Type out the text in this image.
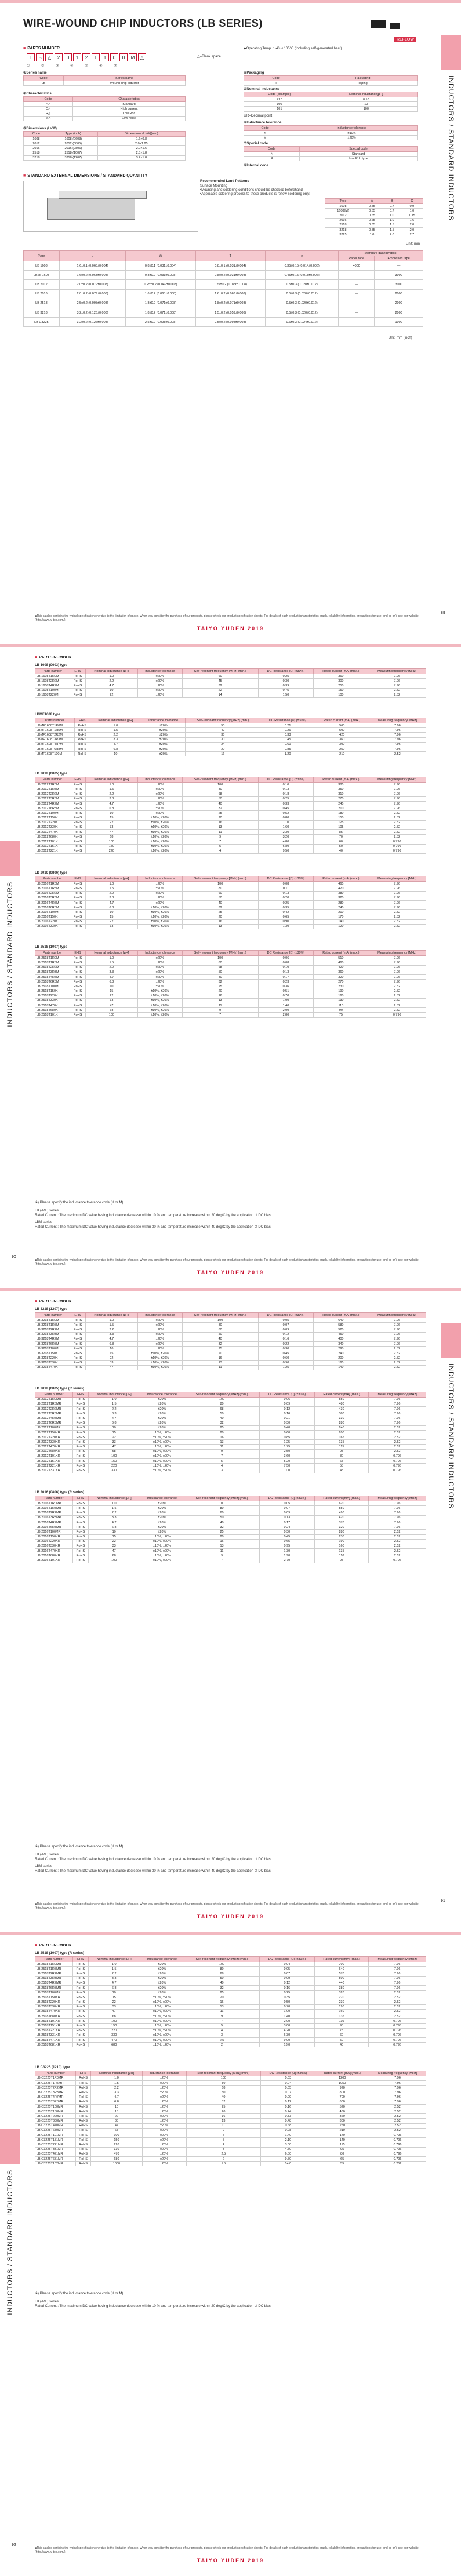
WIRE-WOUND CHIP INDUCTORS (LB SERIES)
REFLOW
INDUCTORS / STANDARD INDUCTORS
■ PARTS NUMBER	▶Operating Temp. : -40~+105℃ (Including self-generated heat)
L	B	△	2	0	1	2	T	1	0	0	M	△
① ② ③ ④ ⑤ ⑥ ⑦
△=Blank space
①Series name
Code	Series name
LB	Wound chip inductor
②Characteristics
Code	Characteristics
△△	Standard
C△	High current
R△	Low Rdc
M△	Low noise
③Dimensions (L×W)
Code	Type (inch)	Dimensions (L×W)[mm]
1608	1608 (0603)	1.6×0.8
2012	2012 (0805)	2.0×1.25
2016	2016 (0806)	2.0×1.6
2518	2518 (1007)	2.5×1.8
3218	3218 (1207)	3.2×1.8
④Packaging
Code	Packaging
T	Taping
⑤Nominal inductance
Code (example)	Nominal inductance[μH]
R10	0.10
100	10
101	100
※R=Decimal point
⑥Inductance tolerance
Code	Inductance tolerance
K	±10%
M	±20%
⑦Special code
Code	Special code
△	Standard
R	Low Rdc type
⑧Internal code
■ STANDARD EXTERNAL DIMENSIONS / STANDARD QUANTITY
Recommended Land Patterns
Surface Mounting
•Mounting and soldering conditions should be checked beforehand.
•Applicable soldering process to these products is reflow soldering only.
Type	A	B	C
1608	0.55	0.7	0.9
1608(M)	0.55	0.7	1.0
2012	0.65	1.0	1.15
2016	0.65	1.0	1.6
2518	0.65	1.5	2.0
3218	0.85	1.5	2.0
3225	1.0	2.0	2.7
Unit: mm
Type	L	W	T	e	Standard quantity [pcs]	
					Paper tape	Embossed tape
LB 1608	1.6±0.1 (0.063±0.004)	0.8±0.1 (0.031±0.004)	0.8±0.1 (0.031±0.004)	0.35±0.15 (0.014±0.006)	4000	―
LBMF1608	1.6±0.2 (0.063±0.008)	0.8±0.2 (0.031±0.008)	0.8±0.2 (0.031±0.008)	0.45±0.15 (0.018±0.006)	―	3000
LB 2012	2.0±0.2 (0.079±0.008)	1.25±0.2 (0.049±0.008)	1.25±0.2 (0.049±0.008)	0.5±0.3 (0.020±0.012)	―	3000
LB 2016	2.0±0.2 (0.079±0.008)	1.6±0.2 (0.063±0.008)	1.6±0.2 (0.063±0.008)	0.5±0.3 (0.020±0.012)	―	2000
LB 2518	2.5±0.2 (0.098±0.008)	1.8±0.2 (0.071±0.008)	1.8±0.2 (0.071±0.008)	0.5±0.3 (0.020±0.012)	―	2000
LB 3218	3.2±0.2 (0.126±0.008)	1.8±0.2 (0.071±0.008)	1.5±0.2 (0.059±0.008)	0.5±0.3 (0.020±0.012)	―	2000
LB C3225	3.2±0.2 (0.126±0.008)	2.5±0.2 (0.098±0.008)	2.5±0.2 (0.098±0.008)	0.6±0.3 (0.024±0.012)	―	1000
Unit: mm (inch)
■This catalog contains the typical specification only due to the limitation of space. When you consider the purchase of our products, please check our product specification sheets. For details of each product (characteristics graph, reliability information, precautions for use, and so on), see our website (http://www.ty-top.com/).
TAIYO YUDEN 2019
89
INDUCTORS / STANDARD INDUCTORS
■ PARTS NUMBER
LB 1608 (0603) type
Parts number	EHS	Nominal inductance [μH]	Inductance tolerance	Self-resonant frequency [MHz] (min.)	DC Resistance [Ω] (±30%)	Rated current [mA] (max.)	Measuring frequency [MHz]
LB 1608T1R0M	RoHS	1.0	±20%	60	0.25	360	7.96
LB 1608T2R2M	RoHS	2.2	±20%	45	0.30	300	7.96
LB 1608T4R7M	RoHS	4.7	±20%	32	0.39	250	7.96
LB 1608T100M	RoHS	10	±20%	22	0.75	150	2.52
LB 1608T220M	RoHS	22	±20%	14	1.50	100	2.52
LBMF1608 type
Parts number	EHS	Nominal inductance [μH]	Inductance tolerance	Self-resonant frequency [MHz] (min.)	DC Resistance [Ω] (±30%)	Rated current [mA] (max.)	Measuring frequency [MHz]
LBMF1608T1R0M	RoHS	1.0	±20%	50	0.21	560	7.96
LBMF1608T1R5M	RoHS	1.5	±20%	42	0.26	500	7.96
LBMF1608T2R2M	RoHS	2.2	±20%	35	0.33	420	7.96
LBMF1608T3R3M	RoHS	3.3	±20%	30	0.45	360	7.96
LBMF1608T4R7M	RoHS	4.7	±20%	24	0.60	300	7.96
LBMF1608T6R8M	RoHS	6.8	±20%	20	0.85	250	7.96
LBMF1608T100M	RoHS	10	±20%	16	1.20	210	2.52
LB 2012 (0805) type
Parts number	EHS	Nominal inductance [μH]	Inductance tolerance	Self-resonant frequency [MHz] (min.)	DC Resistance [Ω] (±30%)	Rated current [mA] (max.)	Measuring frequency [MHz]
LB 2012T1R0M	RoHS	1.0	±20%	100	0.10	385	7.96
LB 2012T1R5M	RoHS	1.5	±20%	80	0.13	350	7.96
LB 2012T2R2M	RoHS	2.2	±20%	68	0.18	310	7.96
LB 2012T3R3M	RoHS	3.3	±20%	50	0.25	270	7.96
LB 2012T4R7M	RoHS	4.7	±20%	40	0.33	245	7.96
LB 2012T6R8M	RoHS	6.8	±20%	32	0.45	210	7.96
LB 2012T100M	RoHS	10	±20%	25	0.52	180	2.52
LB 2012T150K	RoHS	15	±10%, ±20%	20	0.80	150	2.52
LB 2012T220K	RoHS	22	±10%, ±20%	16	1.10	125	2.52
LB 2012T330K	RoHS	33	±10%, ±20%	13	1.60	105	2.52
LB 2012T470K	RoHS	47	±10%, ±20%	11	2.30	85	2.52
LB 2012T680K	RoHS	68	±10%, ±20%	9	3.20	70	2.52
LB 2012T101K	RoHS	100	±10%, ±20%	7	4.80	60	0.796
LB 2012T151K	RoHS	150	±10%, ±20%	5	6.80	50	0.796
LB 2012T221K	RoHS	220	±10%, ±20%	4	9.50	40	0.796
LB 2016 (0806) type
Parts number	EHS	Nominal inductance [μH]	Inductance tolerance	Self-resonant frequency [MHz] (min.)	DC Resistance [Ω] (±30%)	Rated current [mA] (max.)	Measuring frequency [MHz]
LB 2016T1R0M	RoHS	1.0	±20%	100	0.08	465	7.96
LB 2016T1R5M	RoHS	1.5	±20%	80	0.11	420	7.96
LB 2016T2R2M	RoHS	2.2	±20%	60	0.13	380	7.96
LB 2016T3R3M	RoHS	3.3	±20%	50	0.20	320	7.96
LB 2016T4R7M	RoHS	4.7	±20%	40	0.25	280	7.96
LB 2016T6R8M	RoHS	6.8	±10%, ±20%	32	0.35	240	7.96
LB 2016T100M	RoHS	10	±10%, ±20%	25	0.42	210	2.52
LB 2016T150K	RoHS	15	±10%, ±20%	20	0.65	170	2.52
LB 2016T220K	RoHS	22	±10%, ±20%	16	0.90	140	2.52
LB 2016T330K	RoHS	33	±10%, ±20%	13	1.30	120	2.52
LB 2518 (1007) type
Parts number	EHS	Nominal inductance [μH]	Inductance tolerance	Self-resonant frequency [MHz] (min.)	DC Resistance [Ω] (±30%)	Rated current [mA] (max.)	Measuring frequency [MHz]
LB 2518T1R0M	RoHS	1.0	±20%	100	0.06	510	7.96
LB 2518T1R5M	RoHS	1.5	±20%	80	0.08	460	7.96
LB 2518T2R2M	RoHS	2.2	±20%	68	0.10	420	7.96
LB 2518T3R3M	RoHS	3.3	±20%	50	0.13	360	7.96
LB 2518T4R7M	RoHS	4.7	±20%	40	0.17	320	7.96
LB 2518T6R8M	RoHS	6.8	±20%	32	0.23	270	7.96
LB 2518T100M	RoHS	10	±20%	25	0.36	230	2.52
LB 2518T150K	RoHS	15	±10%, ±20%	20	0.51	190	2.52
LB 2518T220K	RoHS	22	±10%, ±20%	16	0.70	160	2.52
LB 2518T330K	RoHS	33	±10%, ±20%	13	1.00	130	2.52
LB 2518T470K	RoHS	47	±10%, ±20%	11	1.40	110	2.52
LB 2518T680K	RoHS	68	±10%, ±20%	9	2.00	90	2.52
LB 2518T101K	RoHS	100	±10%, ±20%	7	2.80	75	0.796
※) Please specify the inductance tolerance code (K or M).
LB (-RE) series
Rated Current : The maximum DC value having inductance decrease within 10 % and temperature increase within 20 deg/C by the application of DC bias.
LBM series
Rated Current : The maximum DC value having inductance decrease within 30 % and temperature increase within 40 deg/C by the application of DC bias.
■This catalog contains the typical specification only due to the limitation of space. When you consider the purchase of our products, please check our product specification sheets. For details of each product (characteristics graph, reliability information, precautions for use, and so on), see our website (http://www.ty-top.com/).
TAIYO YUDEN 2019
90
INDUCTORS / STANDARD INDUCTORS
■ PARTS NUMBER
LB 3218 (1207) type
Parts number	EHS	Nominal inductance [μH]	Inductance tolerance	Self-resonant frequency [MHz] (min.)	DC Resistance [Ω] (±30%)	Rated current [mA] (max.)	Measuring frequency [MHz]
LB 3218T1R0M	RoHS	1.0	±20%	100	0.05	640	7.96
LB 3218T1R5M	RoHS	1.5	±20%	80	0.07	580	7.96
LB 3218T2R2M	RoHS	2.2	±20%	60	0.09	520	7.96
LB 3218T3R3M	RoHS	3.3	±20%	50	0.12	450	7.96
LB 3218T4R7M	RoHS	4.7	±20%	40	0.16	400	7.96
LB 3218T6R8M	RoHS	6.8	±20%	32	0.22	340	7.96
LB 3218T100M	RoHS	10	±20%	25	0.30	290	2.52
LB 3218T150K	RoHS	15	±10%, ±20%	20	0.45	240	2.52
LB 3218T220K	RoHS	22	±10%, ±20%	16	0.60	200	2.52
LB 3218T330K	RoHS	33	±10%, ±20%	13	0.90	165	2.52
LB 3218T470K	RoHS	47	±10%, ±20%	11	1.25	140	2.52
LB 2012 (0805) type (R series)
Parts number	EHS	Nominal inductance [μH]	Inductance tolerance	Self-resonant frequency [MHz] (min.)	DC Resistance [Ω] (±30%)	Rated current [mA] (max.)	Measuring frequency [MHz]
LB 2012T1R0MR	RoHS	1.0	±20%	100	0.06	550	7.96
LB 2012T1R5MR	RoHS	1.5	±20%	80	0.09	480	7.96
LB 2012T2R2MR	RoHS	2.2	±20%	68	0.12	430	7.96
LB 2012T3R3MR	RoHS	3.3	±20%	50	0.16	380	7.96
LB 2012T4R7MR	RoHS	4.7	±20%	40	0.21	330	7.96
LB 2012T6R8MR	RoHS	6.8	±20%	32	0.30	280	7.96
LB 2012T100MR	RoHS	10	±20%	25	0.40	240	2.52
LB 2012T150KR	RoHS	15	±10%, ±20%	20	0.60	200	2.52
LB 2012T220KR	RoHS	22	±10%, ±20%	16	0.85	165	2.52
LB 2012T330KR	RoHS	33	±10%, ±20%	13	1.25	135	2.52
LB 2012T470KR	RoHS	47	±10%, ±20%	11	1.75	115	2.52
LB 2012T680KR	RoHS	68	±10%, ±20%	9	2.50	95	2.52
LB 2012T101KR	RoHS	100	±10%, ±20%	7	3.60	80	0.796
LB 2012T151KR	RoHS	150	±10%, ±20%	5	5.20	65	0.796
LB 2012T221KR	RoHS	220	±10%, ±20%	4	7.50	55	0.796
LB 2012T331KR	RoHS	330	±10%, ±20%	3	11.0	45	0.796
LB 2016 (0806) type (R series)
Parts number	EHS	Nominal inductance [μH]	Inductance tolerance	Self-resonant frequency [MHz] (min.)	DC Resistance [Ω] (±30%)	Rated current [mA] (max.)	Measuring frequency [MHz]
LB 2016T1R0MR	RoHS	1.0	±20%	100	0.05	620	7.96
LB 2016T1R5MR	RoHS	1.5	±20%	80	0.07	550	7.96
LB 2016T2R2MR	RoHS	2.2	±20%	60	0.09	490	7.96
LB 2016T3R3MR	RoHS	3.3	±20%	50	0.13	420	7.96
LB 2016T4R7MR	RoHS	4.7	±20%	40	0.17	370	7.96
LB 2016T6R8MR	RoHS	6.8	±20%	32	0.24	320	7.96
LB 2016T100MR	RoHS	10	±20%	25	0.30	280	2.52
LB 2016T150KR	RoHS	15	±10%, ±20%	20	0.45	230	2.52
LB 2016T220KR	RoHS	22	±10%, ±20%	16	0.65	190	2.52
LB 2016T330KR	RoHS	33	±10%, ±20%	13	0.95	160	2.52
LB 2016T470KR	RoHS	47	±10%, ±20%	11	1.30	135	2.52
LB 2016T680KR	RoHS	68	±10%, ±20%	9	1.90	110	2.52
LB 2016T101KR	RoHS	100	±10%, ±20%	7	2.70	95	0.796
※) Please specify the inductance tolerance code (K or M).
LB (-RE) series
Rated Current : The maximum DC value having inductance decrease within 10 % and temperature increase within 20 deg/C by the application of DC bias.
LBM series
Rated Current : The maximum DC value having inductance decrease within 30 % and temperature increase within 40 deg/C by the application of DC bias.
■This catalog contains the typical specification only due to the limitation of space. When you consider the purchase of our products, please check our product specification sheets. For details of each product (characteristics graph, reliability information, precautions for use, and so on), see our website (http://www.ty-top.com/).
TAIYO YUDEN 2019
91
INDUCTORS / STANDARD INDUCTORS
■ PARTS NUMBER
LB 2518 (1007) type (R series)
Parts number	EHS	Nominal inductance [μH]	Inductance tolerance	Self-resonant frequency [MHz] (min.)	DC Resistance [Ω] (±30%)	Rated current [mA] (max.)	Measuring frequency [MHz]
LB 2518T1R0MR	RoHS	1.0	±20%	100	0.04	700	7.96
LB 2518T1R5MR	RoHS	1.5	±20%	80	0.05	640	7.96
LB 2518T2R2MR	RoHS	2.2	±20%	68	0.07	570	7.96
LB 2518T3R3MR	RoHS	3.3	±20%	50	0.09	500	7.96
LB 2518T4R7MR	RoHS	4.7	±20%	40	0.12	440	7.96
LB 2518T6R8MR	RoHS	6.8	±20%	32	0.16	380	7.96
LB 2518T100MR	RoHS	10	±20%	25	0.25	320	2.52
LB 2518T150KR	RoHS	15	±10%, ±20%	20	0.35	270	2.52
LB 2518T220KR	RoHS	22	±10%, ±20%	16	0.50	230	2.52
LB 2518T330KR	RoHS	33	±10%, ±20%	13	0.70	190	2.52
LB 2518T470KR	RoHS	47	±10%, ±20%	11	1.00	160	2.52
LB 2518T680KR	RoHS	68	±10%, ±20%	9	1.40	135	2.52
LB 2518T101KR	RoHS	100	±10%, ±20%	7	2.00	110	0.796
LB 2518T151KR	RoHS	150	±10%, ±20%	5	3.00	90	0.796
LB 2518T221KR	RoHS	220	±10%, ±20%	4	4.20	75	0.796
LB 2518T331KR	RoHS	330	±10%, ±20%	3	6.30	60	0.796
LB 2518T471KR	RoHS	470	±10%, ±20%	2.5	9.00	50	0.796
LB 2518T681KR	RoHS	680	±10%, ±20%	2	13.0	40	0.796
LB C3225 (1210) type
Parts number	EHS	Nominal inductance [μH]	Inductance tolerance	Self-resonant frequency [MHz] (min.)	DC Resistance [Ω] (±30%)	Rated current [mA] (max.)	Measuring frequency [MHz]
LB C3225T1R0MR	RoHS	1.0	±20%	100	0.03	1200	7.96
LB C3225T1R5MR	RoHS	1.5	±20%	80	0.04	1050	7.96
LB C3225T2R2MR	RoHS	2.2	±20%	68	0.05	920	7.96
LB C3225T3R3MR	RoHS	3.3	±20%	50	0.07	800	7.96
LB C3225T4R7MR	RoHS	4.7	±20%	40	0.09	700	7.96
LB C3225T6R8MR	RoHS	6.8	±20%	32	0.12	600	7.96
LB C3225T100MR	RoHS	10	±20%	25	0.16	520	2.52
LB C3225T150MR	RoHS	15	±20%	20	0.24	430	2.52
LB C3225T220MR	RoHS	22	±20%	16	0.33	360	2.52
LB C3225T330MR	RoHS	33	±20%	13	0.48	300	2.52
LB C3225T470MR	RoHS	47	±20%	11	0.68	250	2.52
LB C3225T680MR	RoHS	68	±20%	9	0.98	210	2.52
LB C3225T101MR	RoHS	100	±20%	7	1.40	170	0.796
LB C3225T151MR	RoHS	150	±20%	5	2.10	140	0.796
LB C3225T221MR	RoHS	220	±20%	4	3.00	115	0.796
LB C3225T331MR	RoHS	330	±20%	3	4.50	95	0.796
LB C3225T471MR	RoHS	470	±20%	2.5	6.50	80	0.796
LB C3225T681MR	RoHS	680	±20%	2	9.50	65	0.796
LB C3225T102MR	RoHS	1000	±20%	1.5	14.0	55	0.252
※) Please specify the inductance tolerance code (K or M).
LB (-RE) series
Rated Current : The maximum DC value having inductance decrease within 10 % and temperature increase within 20 deg/C by the application of DC bias.
■This catalog contains the typical specification only due to the limitation of space. When you consider the purchase of our products, please check our product specification sheets. For details of each product (characteristics graph, reliability information, precautions for use, and so on), see our website (http://www.ty-top.com/).
TAIYO YUDEN 2019
92
